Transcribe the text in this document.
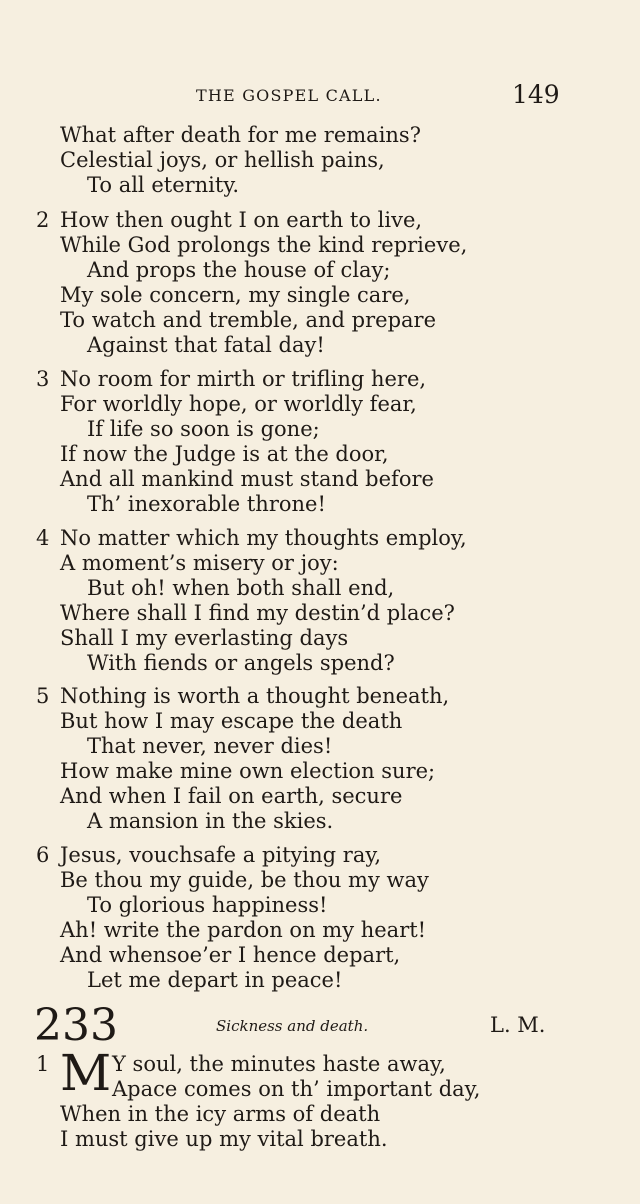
THE GOSPEL CALL.	149
What after death for me remains?
Celestial joys, or hellish pains,
To all eternity.
2 How then ought I on earth to live,
While God prolongs the kind reprieve,
And props the house of clay;
My sole concern, my single care,
To watch and tremble, and prepare
Against that fatal day!
3 No room for mirth or trifling here,
For worldly hope, or worldly fear,
If life so soon is gone;
If now the Judge is at the door,
And all mankind must stand before
Th’ inexorable throne!
4 No matter which my thoughts employ,
A moment’s misery or joy:
But oh! when both shall end,
Where shall I find my destin’d place?
Shall I my everlasting days
With fiends or angels spend?
5 Nothing is worth a thought beneath,
But how I may escape the death
That never, never dies!
How make mine own election sure;
And when I fail on earth, secure
A mansion in the skies.
6 Jesus, vouchsafe a pitying ray,
Be thou my guide, be thou my way
To glorious happiness!
Ah! write the pardon on my heart!
And whensoe’er I hence depart,
Let me depart in peace!
233	Sickness and death.	L. M.
1 M Y soul, the minutes haste away,
Apace comes on th’ important day,
When in the icy arms of death
I must give up my vital breath.
